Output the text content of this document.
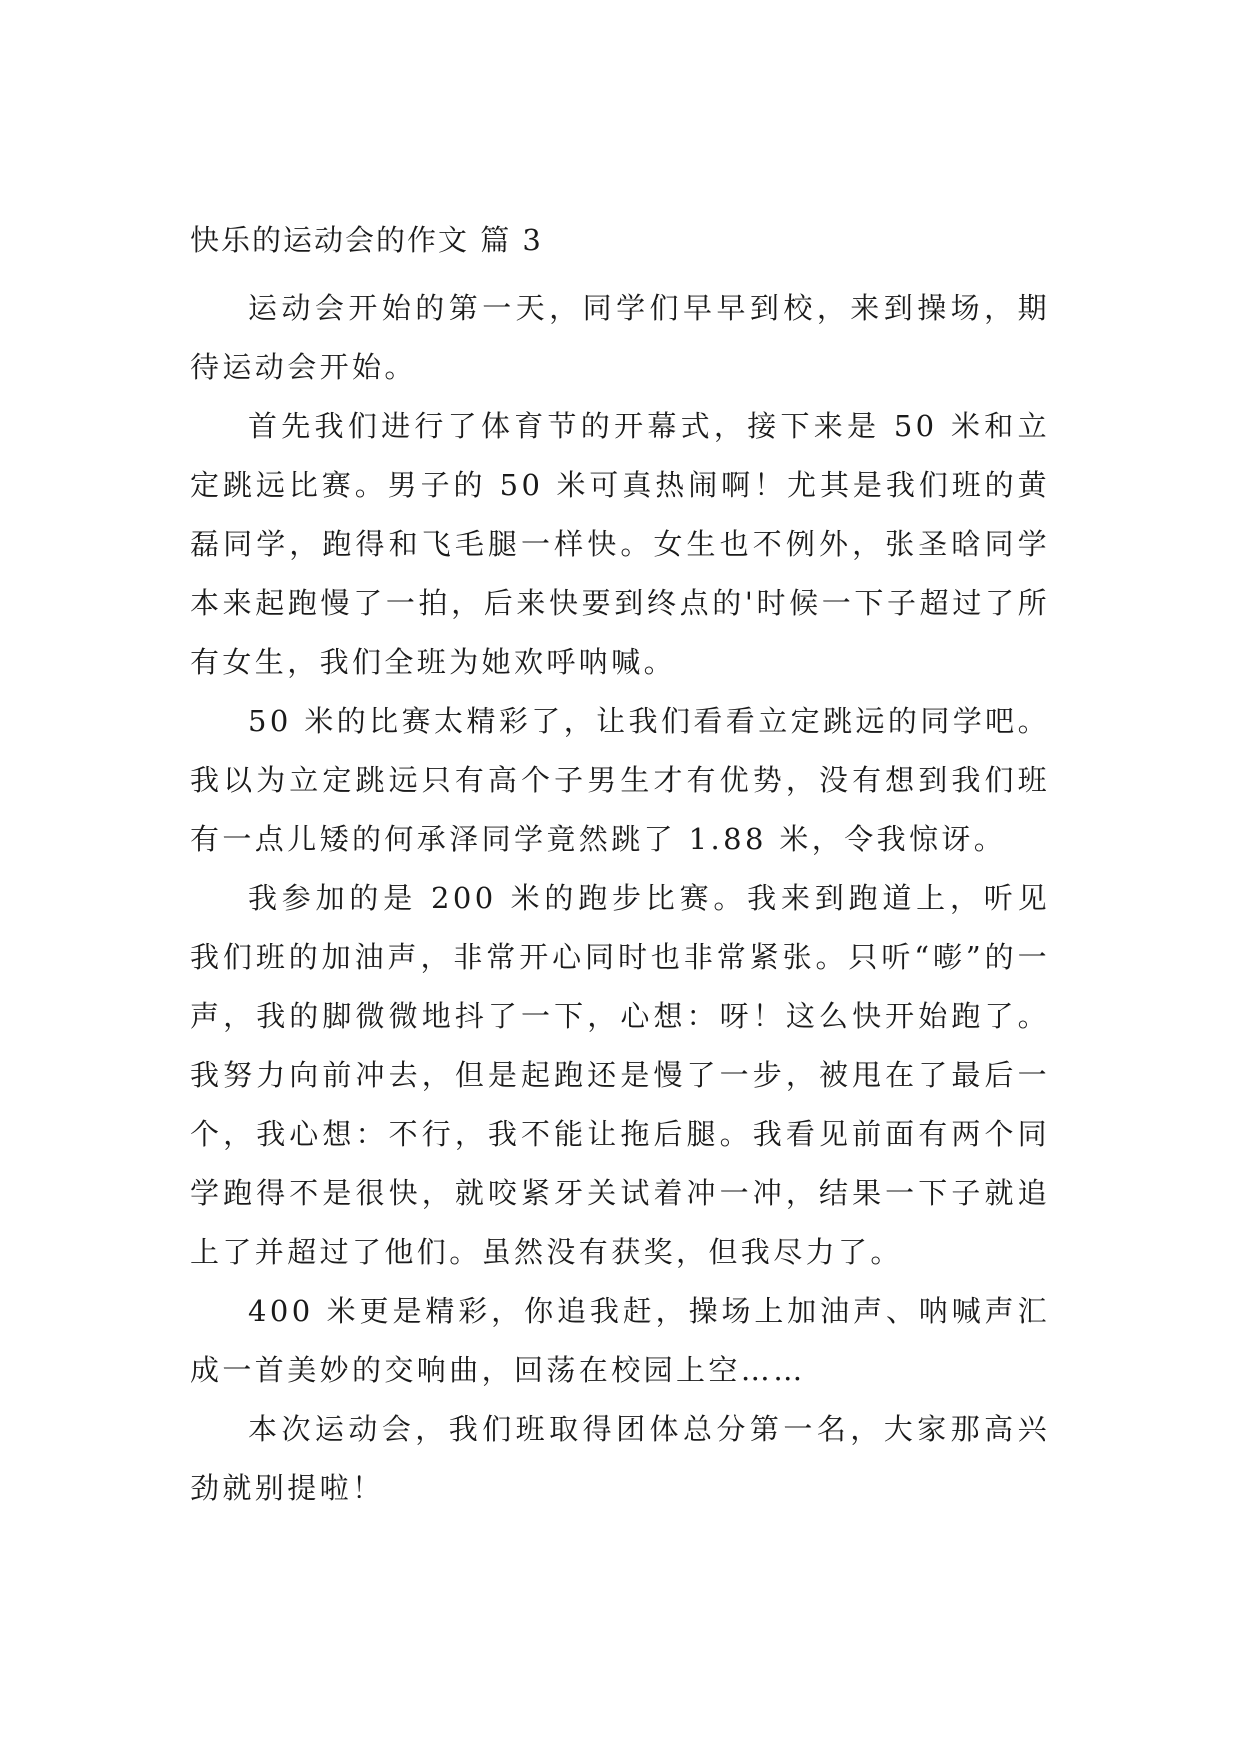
快乐的运动会的作文 篇 3

运动会开始的第一天，同学们早早到校，来到操场，期待运动会开始。

首先我们进行了体育节的开幕式，接下来是 50 米和立定跳远比赛。男子的 50 米可真热闹啊！尤其是我们班的黄磊同学，跑得和飞毛腿一样快。女生也不例外，张圣晗同学本来起跑慢了一拍，后来快要到终点的'时候一下子超过了所有女生，我们全班为她欢呼呐喊。

50 米的比赛太精彩了，让我们看看立定跳远的同学吧。我以为立定跳远只有高个子男生才有优势，没有想到我们班有一点儿矮的何承泽同学竟然跳了 1.88 米，令我惊讶。

我参加的是 200 米的跑步比赛。我来到跑道上，听见我们班的加油声，非常开心同时也非常紧张。只听“嘭”的一声，我的脚微微地抖了一下，心想：呀！这么快开始跑了。我努力向前冲去，但是起跑还是慢了一步，被甩在了最后一个，我心想：不行，我不能让拖后腿。我看见前面有两个同学跑得不是很快，就咬紧牙关试着冲一冲，结果一下子就追上了并超过了他们。虽然没有获奖，但我尽力了。

400 米更是精彩，你追我赶，操场上加油声、呐喊声汇成一首美妙的交响曲，回荡在校园上空……

本次运动会，我们班取得团体总分第一名，大家那高兴劲就别提啦！
